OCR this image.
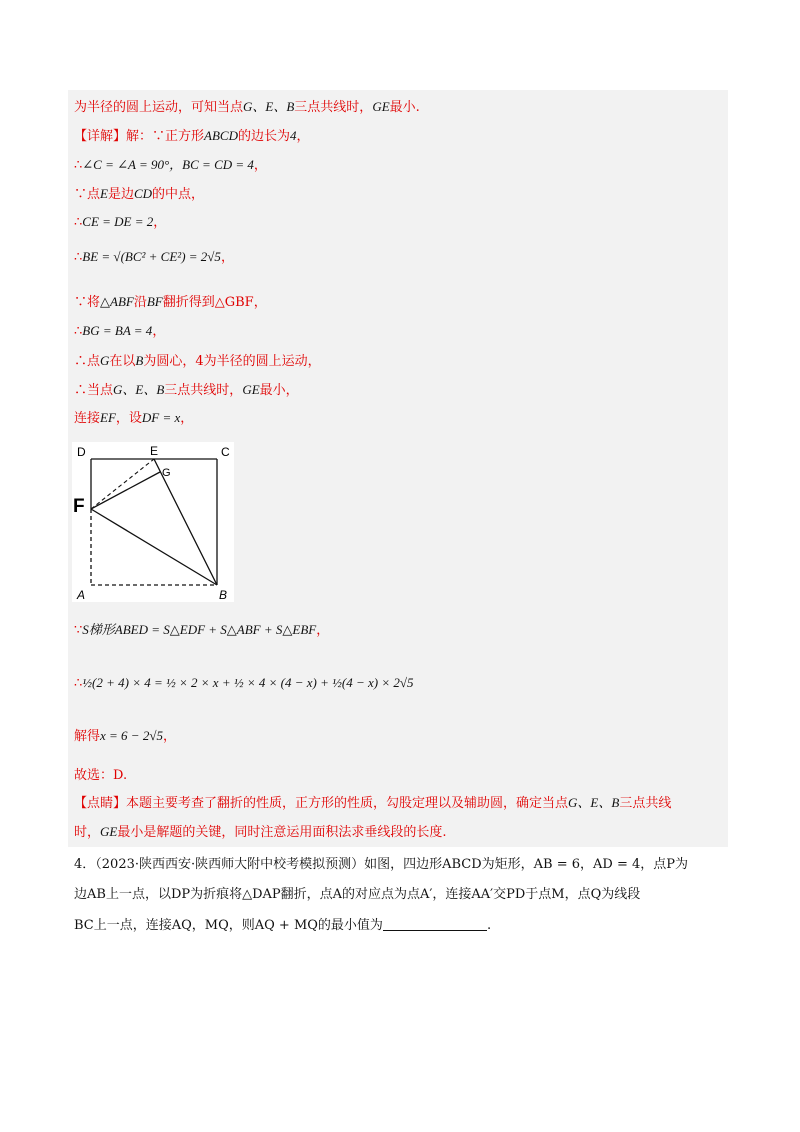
为半径的圆上运动，可知当点G、E、B三点共线时，GE最小.
【详解】解：∵正方形ABCD的边长为4，
∴∠C = ∠A = 90°，BC = CD = 4，
∵点E是边CD的中点，
∴CE = DE = 2，
∴BE = √(BC² + CE²) = 2√5，
∵将△ABF沿BF翻折得到△GBF，
∴BG = BA = 4，
∴点G在以B为圆心，4为半径的圆上运动，
∴当点G、E、B三点共线时，GE最小，
连接EF，设DF = x，
D	E	C
G
F
A	B
∵S梯形ABED = S△EDF + S△ABF + S△EBF，
∴½(2 + 4) × 4 = ½ × 2 × x + ½ × 4 × (4 − x) + ½(4 − x) × 2√5
解得x = 6 − 2√5，
故选：D.
【点睛】本题主要考查了翻折的性质，正方形的性质，勾股定理以及辅助圆，确定当点G、E、B三点共线
时，GE最小是解题的关键，同时注意运用面积法求垂线段的长度.
4．（2023·陕西西安·陕西师大附中校考模拟预测）如图，四边形ABCD为矩形，AB = 6，AD = 4，点P为
边AB上一点，以DP为折痕将△DAP翻折，点A的对应点为点A′，连接AA′交PD于点M，点Q为线段
BC上一点，连接AQ，MQ，则AQ + MQ的最小值为	.
